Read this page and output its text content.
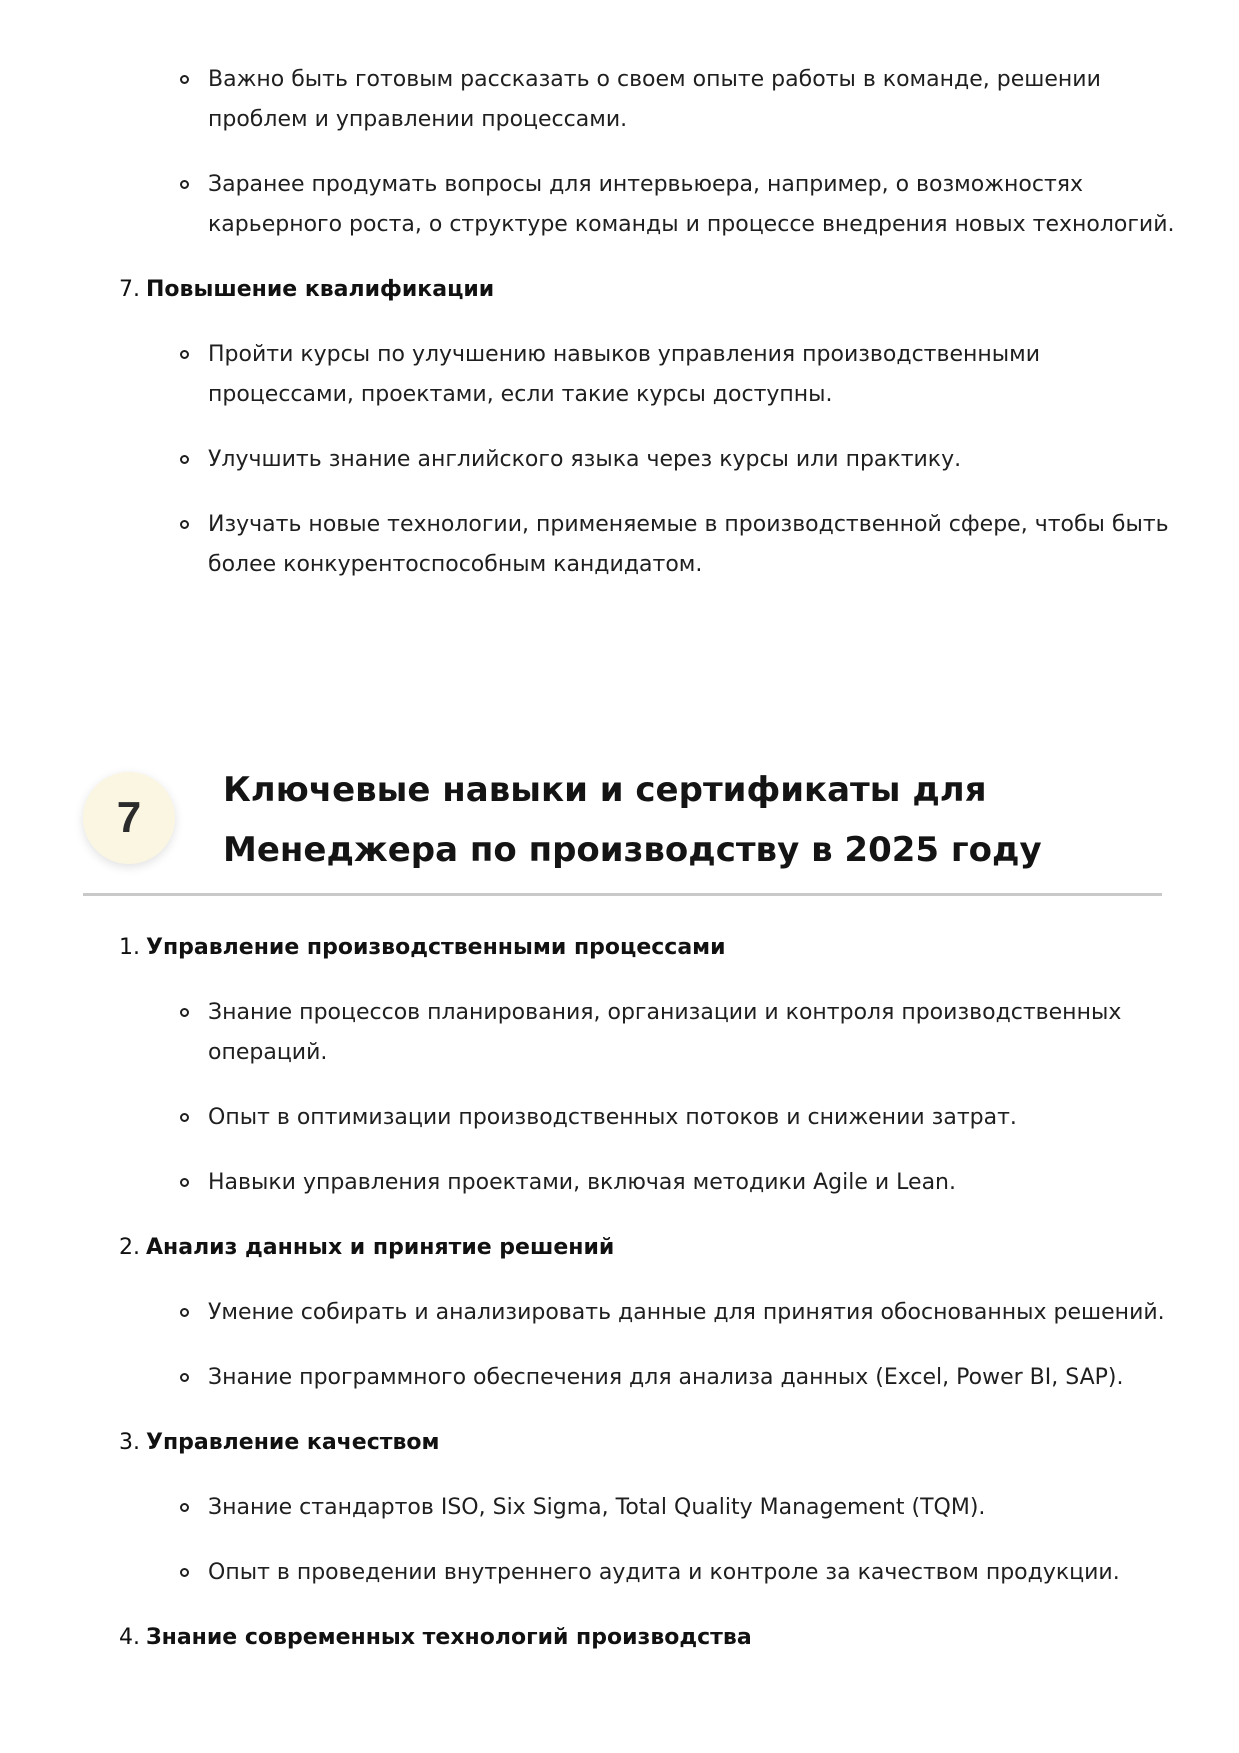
Важно быть готовым рассказать о своем опыте работы в команде, решении проблем и управлении процессами.
Заранее продумать вопросы для интервьюера, например, о возможностях карьерного роста, о структуре команды и процессе внедрения новых технологий.
7. Повышение квалификации
Пройти курсы по улучшению навыков управления производственными процессами, проектами, если такие курсы доступны.
Улучшить знание английского языка через курсы или практику.
Изучать новые технологии, применяемые в производственной сфере, чтобы быть более конкурентоспособным кандидатом.
7
Ключевые навыки и сертификаты для
Менеджера по производству в 2025 году
1. Управление производственными процессами
Знание процессов планирования, организации и контроля производственных операций.
Опыт в оптимизации производственных потоков и снижении затрат.
Навыки управления проектами, включая методики Agile и Lean.
2. Анализ данных и принятие решений
Умение собирать и анализировать данные для принятия обоснованных решений.
Знание программного обеспечения для анализа данных (Excel, Power BI, SAP).
3. Управление качеством
Знание стандартов ISO, Six Sigma, Total Quality Management (TQM).
Опыт в проведении внутреннего аудита и контроле за качеством продукции.
4. Знание современных технологий производства
